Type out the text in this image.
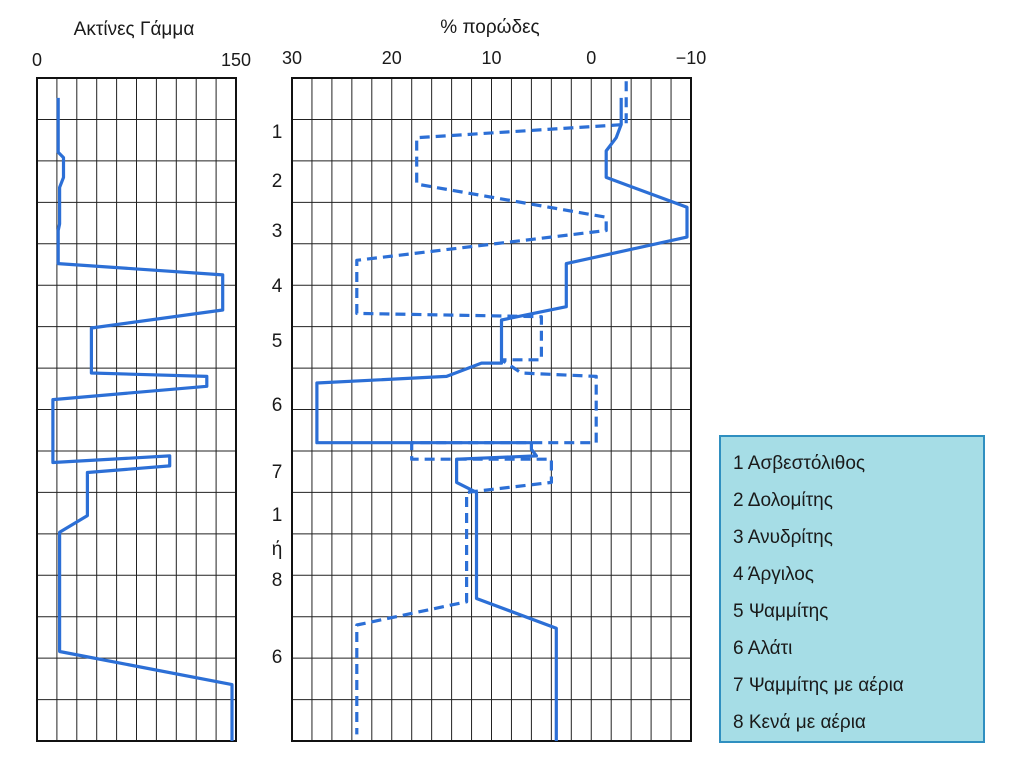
Ακτίνες Γάμμα	% πορώδες
0	150 30	20	10	0	−10
1
2
3
4
5
6
7
1
ή
8
6
1 Ασβεστόλιθος
2 Δολομίτης
3 Ανυδρίτης
4 Άργιλος
5 Ψαμμίτης
6 Αλάτι
7 Ψαμμίτης με αέρια
8 Κενά με αέρια
